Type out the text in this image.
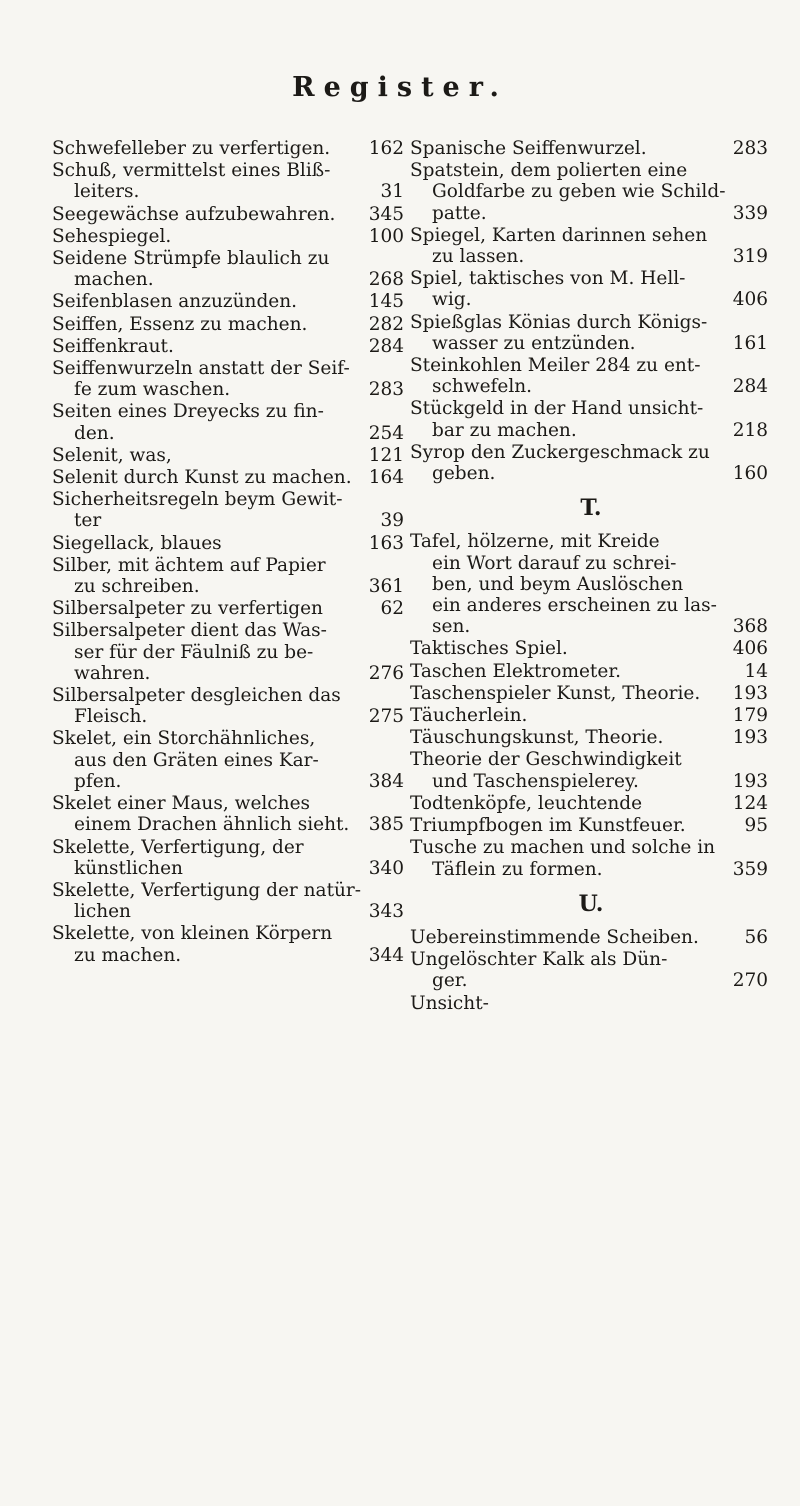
Register.
Schwefelleber zu verfertigen. 162
Schuß, vermittelst eines Bliß-
leiters.	31
Seegewächse aufzubewahren. 345
Sehespiegel.	100
Seidene Strümpfe blaulich zu
machen.	268
Seifenblasen anzuzünden.	145
Seiffen, Essenz zu machen.	282
Seiffenkraut.	284
Seiffenwurzeln anstatt der Seif-
fe zum waschen.	283
Seiten eines Dreyecks zu fin-
den.	254
Selenit, was,	121
Selenit durch Kunst zu machen. 164
Sicherheitsregeln beym Gewit-
ter	39
Siegellack, blaues	163
Silber, mit ächtem auf Papier
zu schreiben.	361
Silbersalpeter zu verfertigen	62
Silbersalpeter dient das Was-
ser für der Fäulniß zu be-
wahren.	276
Silbersalpeter desgleichen das
Fleisch.	275
Skelet, ein Storchähnliches,
aus den Gräten eines Kar-
pfen.	384
Skelet einer Maus, welches
einem Drachen ähnlich sieht. 385
Skelette, Verfertigung, der
künstlichen	340
Skelette, Verfertigung der natür-
lichen	343
Skelette, von kleinen Körpern
zu machen.	344
Spanische Seiffenwurzel.	283
Spatstein, dem polierten eine
Goldfarbe zu geben wie Schild-
patte.	339
Spiegel, Karten darinnen sehen
zu lassen.	319
Spiel, taktisches von M. Hell-
wig.	406
Spießglas Könias durch Königs-
wasser zu entzünden.	161
Steinkohlen Meiler 284 zu ent-
schwefeln.	284
Stückgeld in der Hand unsicht-
bar zu machen.	218
Syrop den Zuckergeschmack zu
geben.	160
T.
Tafel, hölzerne, mit Kreide
ein Wort darauf zu schrei-
ben, und beym Auslöschen
ein anderes erscheinen zu las-
sen.	368
Taktisches Spiel.	406
Taschen Elektrometer.	14
Taschenspieler Kunst, Theorie. 193
Täucherlein.	179
Täuschungskunst, Theorie.	193
Theorie der Geschwindigkeit
und Taschenspielerey.	193
Todtenköpfe, leuchtende	124
Triumpfbogen im Kunstfeuer.	95
Tusche zu machen und solche in
Täflein zu formen.	359
U.
Uebereinstimmende Scheiben. 56
Ungelöschter Kalk als Dün-
ger.	270
Unsicht-
